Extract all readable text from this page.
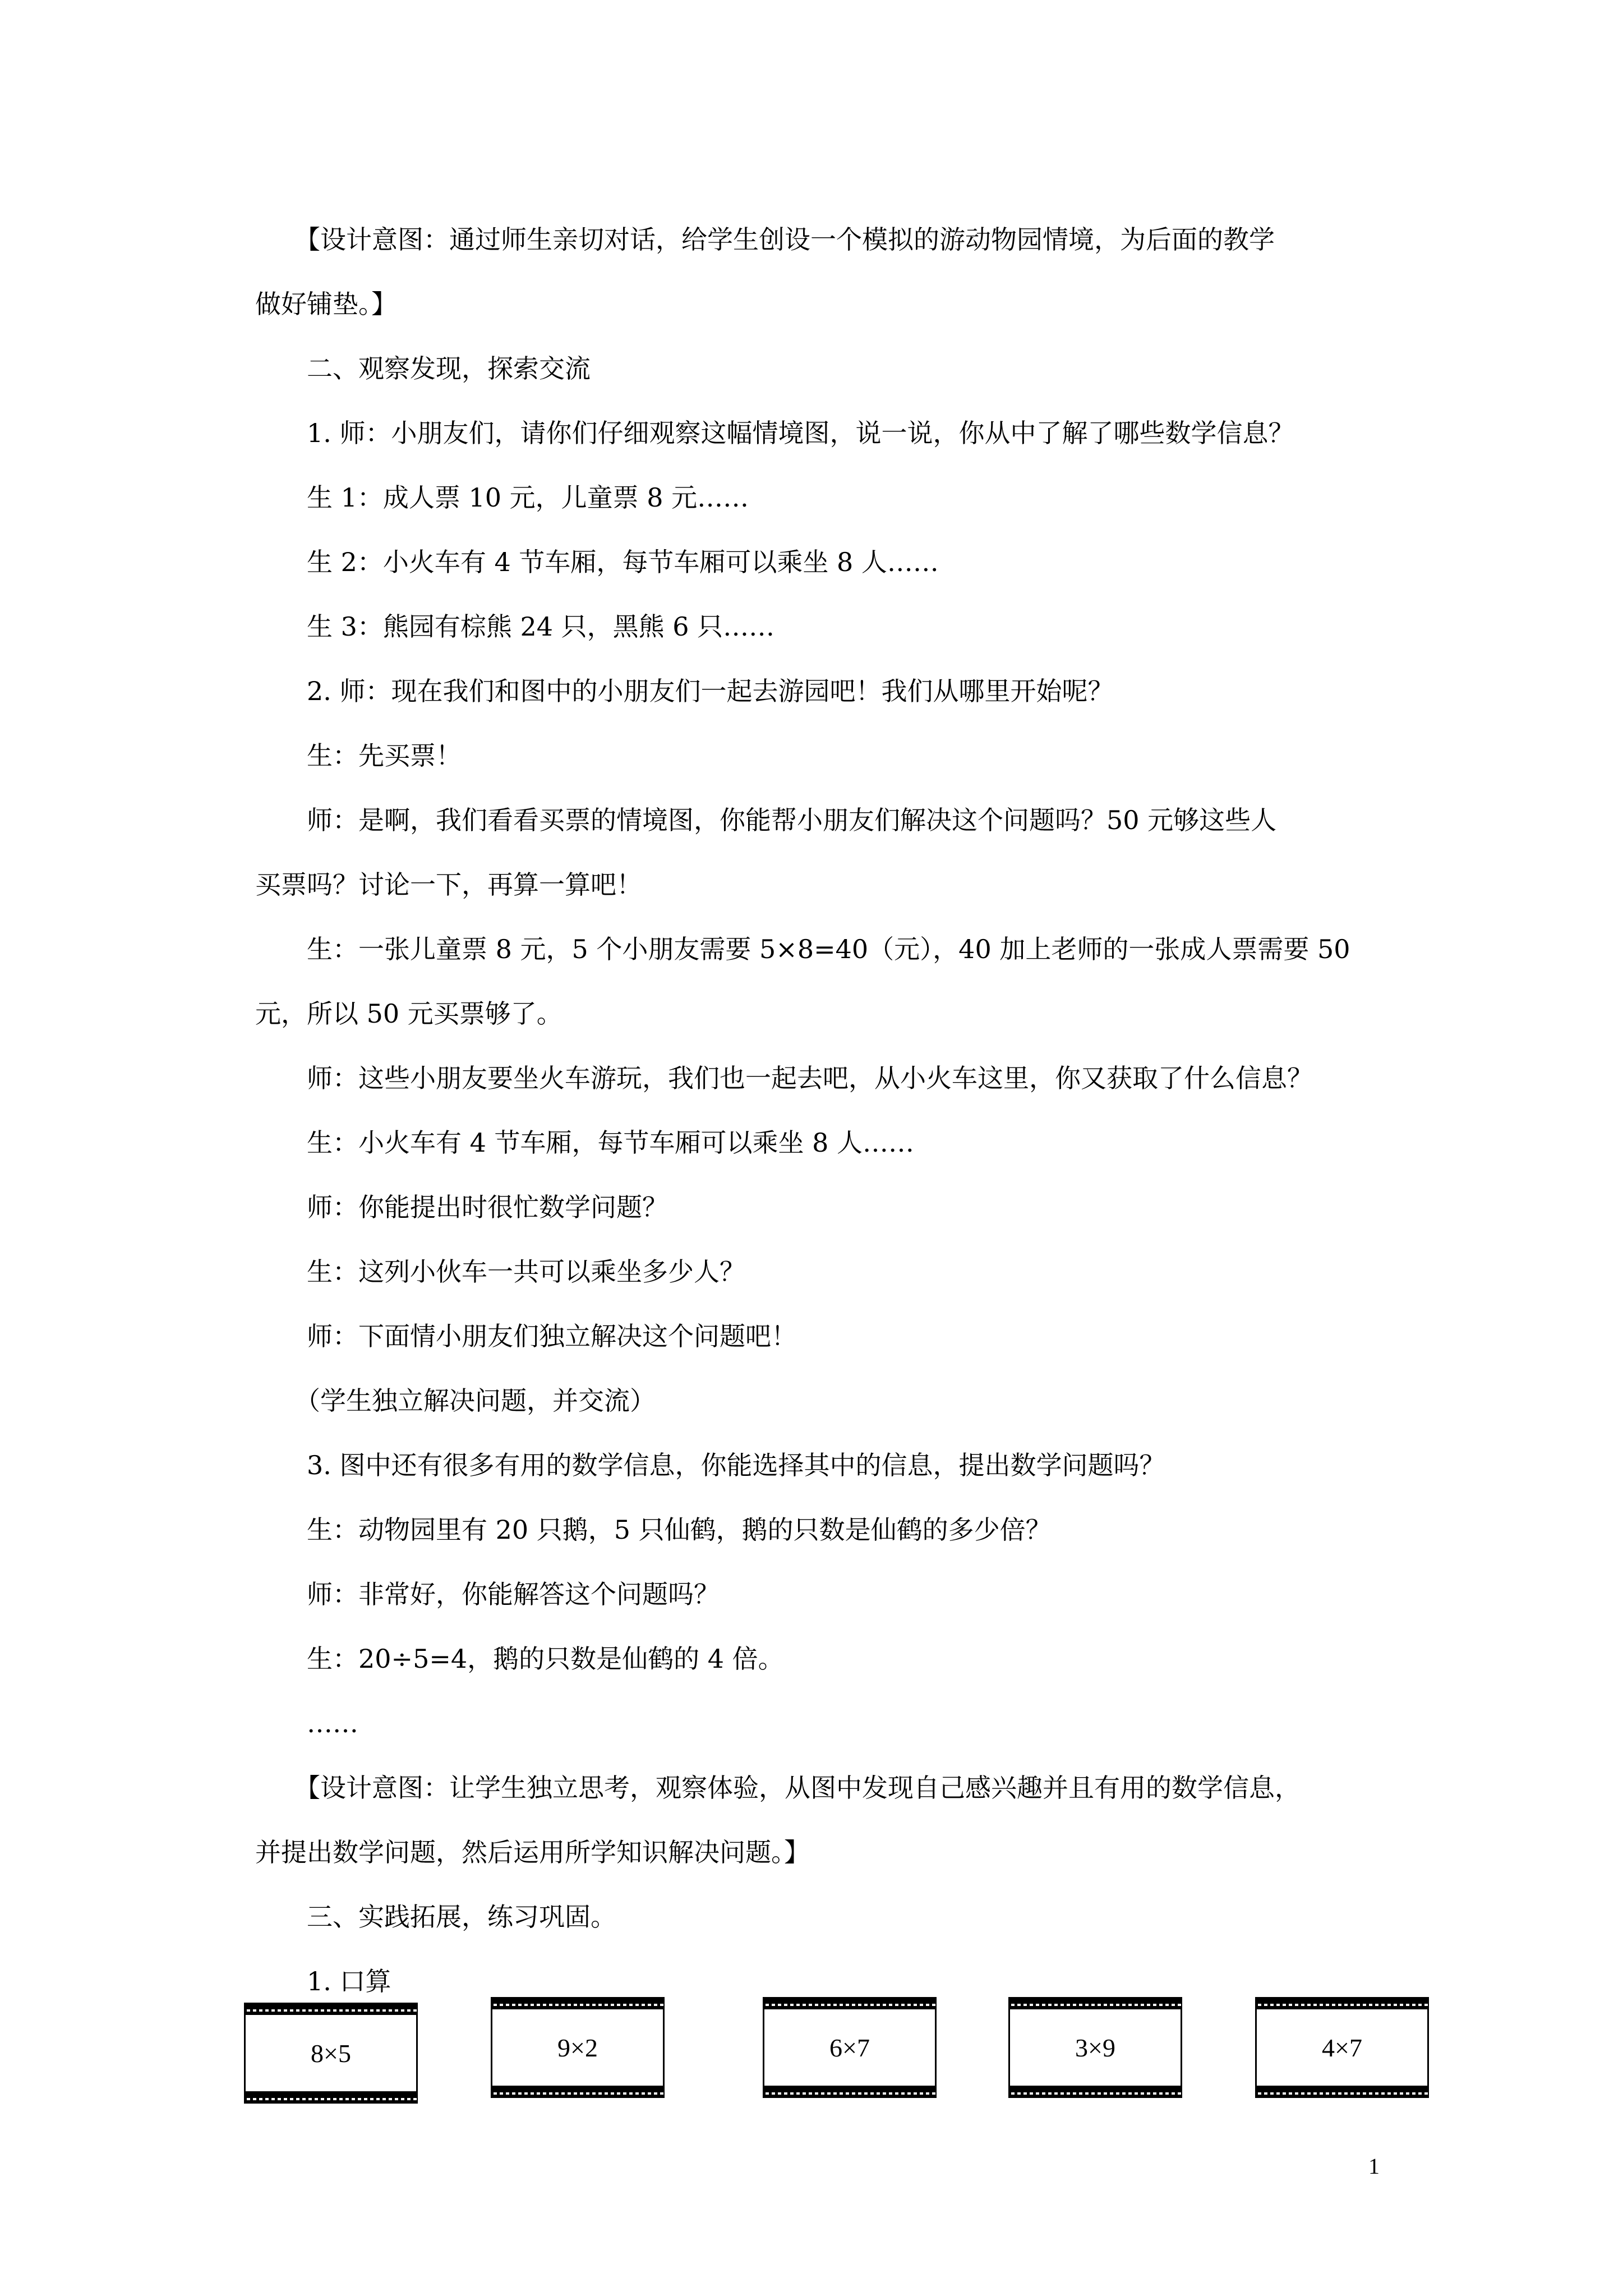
【设计意图：通过师生亲切对话，给学生创设一个模拟的游动物园情境，为后面的教学

做好铺垫。】

二、观察发现，探索交流

1. 师：小朋友们，请你们仔细观察这幅情境图，说一说，你从中了解了哪些数学信息？

生 1：成人票 10 元，儿童票 8 元……

生 2：小火车有 4 节车厢，每节车厢可以乘坐 8 人……

生 3：熊园有棕熊 24 只，黑熊 6 只……

2. 师：现在我们和图中的小朋友们一起去游园吧！我们从哪里开始呢？

生：先买票！

师：是啊，我们看看买票的情境图，你能帮小朋友们解决这个问题吗？50 元够这些人

买票吗？讨论一下，再算一算吧！

生：一张儿童票 8 元，5 个小朋友需要 5×8=40（元），40 加上老师的一张成人票需要 50

元，所以 50 元买票够了。

师：这些小朋友要坐火车游玩，我们也一起去吧，从小火车这里，你又获取了什么信息？

生：小火车有 4 节车厢，每节车厢可以乘坐 8 人……

师：你能提出时很忙数学问题？

生：这列小伙车一共可以乘坐多少人？

师：下面情小朋友们独立解决这个问题吧！

（学生独立解决问题，并交流）

3. 图中还有很多有用的数学信息，你能选择其中的信息，提出数学问题吗？

生：动物园里有 20 只鹅，5 只仙鹤，鹅的只数是仙鹤的多少倍？

师：非常好，你能解答这个问题吗？

生：20÷5=4，鹅的只数是仙鹤的 4 倍。

……

【设计意图：让学生独立思考，观察体验，从图中发现自己感兴趣并且有用的数学信息，

并提出数学问题，然后运用所学知识解决问题。】

三、实践拓展，练习巩固。

1. 口算

8×5	9×2	6×7	3×9	4×7
1
